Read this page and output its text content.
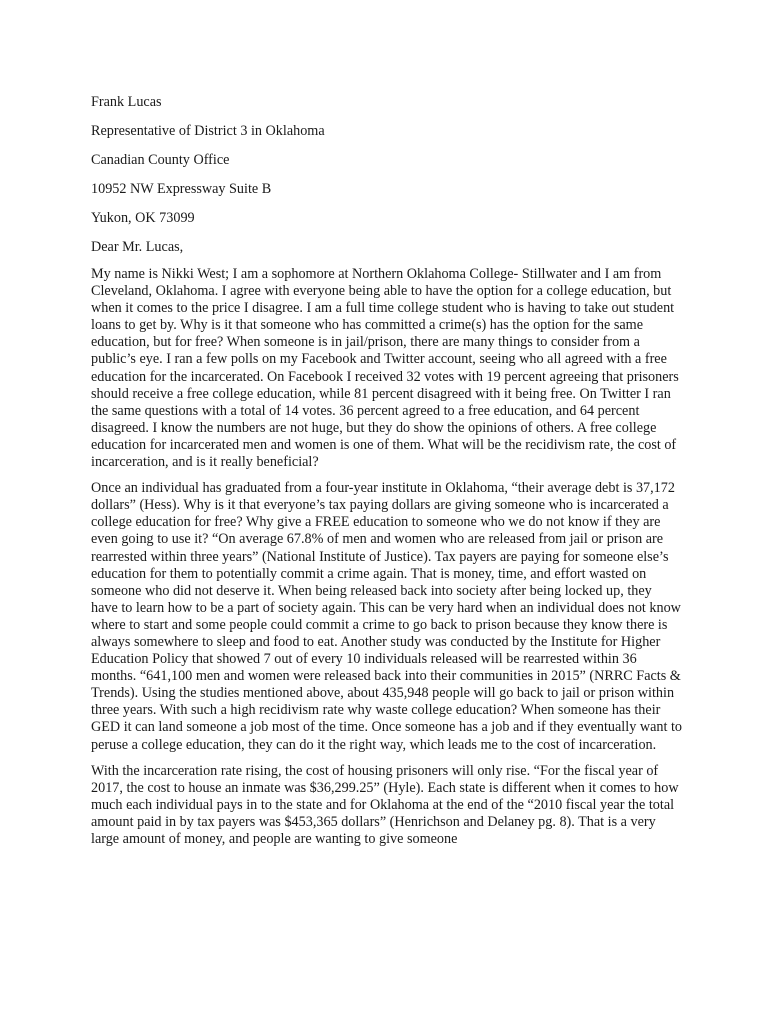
Frank Lucas
Representative of District 3 in Oklahoma
Canadian County Office
10952 NW Expressway Suite B
Yukon, OK 73099
Dear Mr. Lucas,

My name is Nikki West; I am a sophomore at Northern Oklahoma College- Stillwater and I am from Cleveland, Oklahoma. I agree with everyone being able to have the option for a college education, but when it comes to the price I disagree. I am a full time college student who is having to take out student loans to get by. Why is it that someone who has committed a crime(s) has the option for the same education, but for free? When someone is in jail/prison, there are many things to consider from a public’s eye. I ran a few polls on my Facebook and Twitter account, seeing who all agreed with a free education for the incarcerated. On Facebook I received 32 votes with 19 percent agreeing that prisoners should receive a free college education, while 81 percent disagreed with it being free. On Twitter I ran the same questions with a total of 14 votes. 36 percent agreed to a free education, and 64 percent disagreed. I know the numbers are not huge, but they do show the opinions of others. A free college education for incarcerated men and women is one of them. What will be the recidivism rate, the cost of incarceration, and is it really beneficial?

Once an individual has graduated from a four-year institute in Oklahoma, “their average debt is 37,172 dollars” (Hess). Why is it that everyone’s tax paying dollars are giving someone who is incarcerated a college education for free? Why give a FREE education to someone who we do not know if they are even going to use it? “On average 67.8% of men and women who are released from jail or prison are rearrested within three years” (National Institute of Justice). Tax payers are paying for someone else’s education for them to potentially commit a crime again. That is money, time, and effort wasted on someone who did not deserve it. When being released back into society after being locked up, they have to learn how to be a part of society again. This can be very hard when an individual does not know where to start and some people could commit a crime to go back to prison because they know there is always somewhere to sleep and food to eat. Another study was conducted by the Institute for Higher Education Policy that showed 7 out of every 10 individuals released will be rearrested within 36 months. “641,100 men and women were released back into their communities in 2015” (NRRC Facts & Trends). Using the studies mentioned above, about 435,948 people will go back to jail or prison within three years. With such a high recidivism rate why waste college education? When someone has their GED it can land someone a job most of the time. Once someone has a job and if they eventually want to peruse a college education, they can do it the right way, which leads me to the cost of incarceration.

With the incarceration rate rising, the cost of housing prisoners will only rise. “For the fiscal year of 2017, the cost to house an inmate was $36,299.25” (Hyle). Each state is different when it comes to how much each individual pays in to the state and for Oklahoma at the end of the “2010 fiscal year the total amount paid in by tax payers was $453,365 dollars” (Henrichson and Delaney pg. 8). That is a very large amount of money, and people are wanting to give someone
